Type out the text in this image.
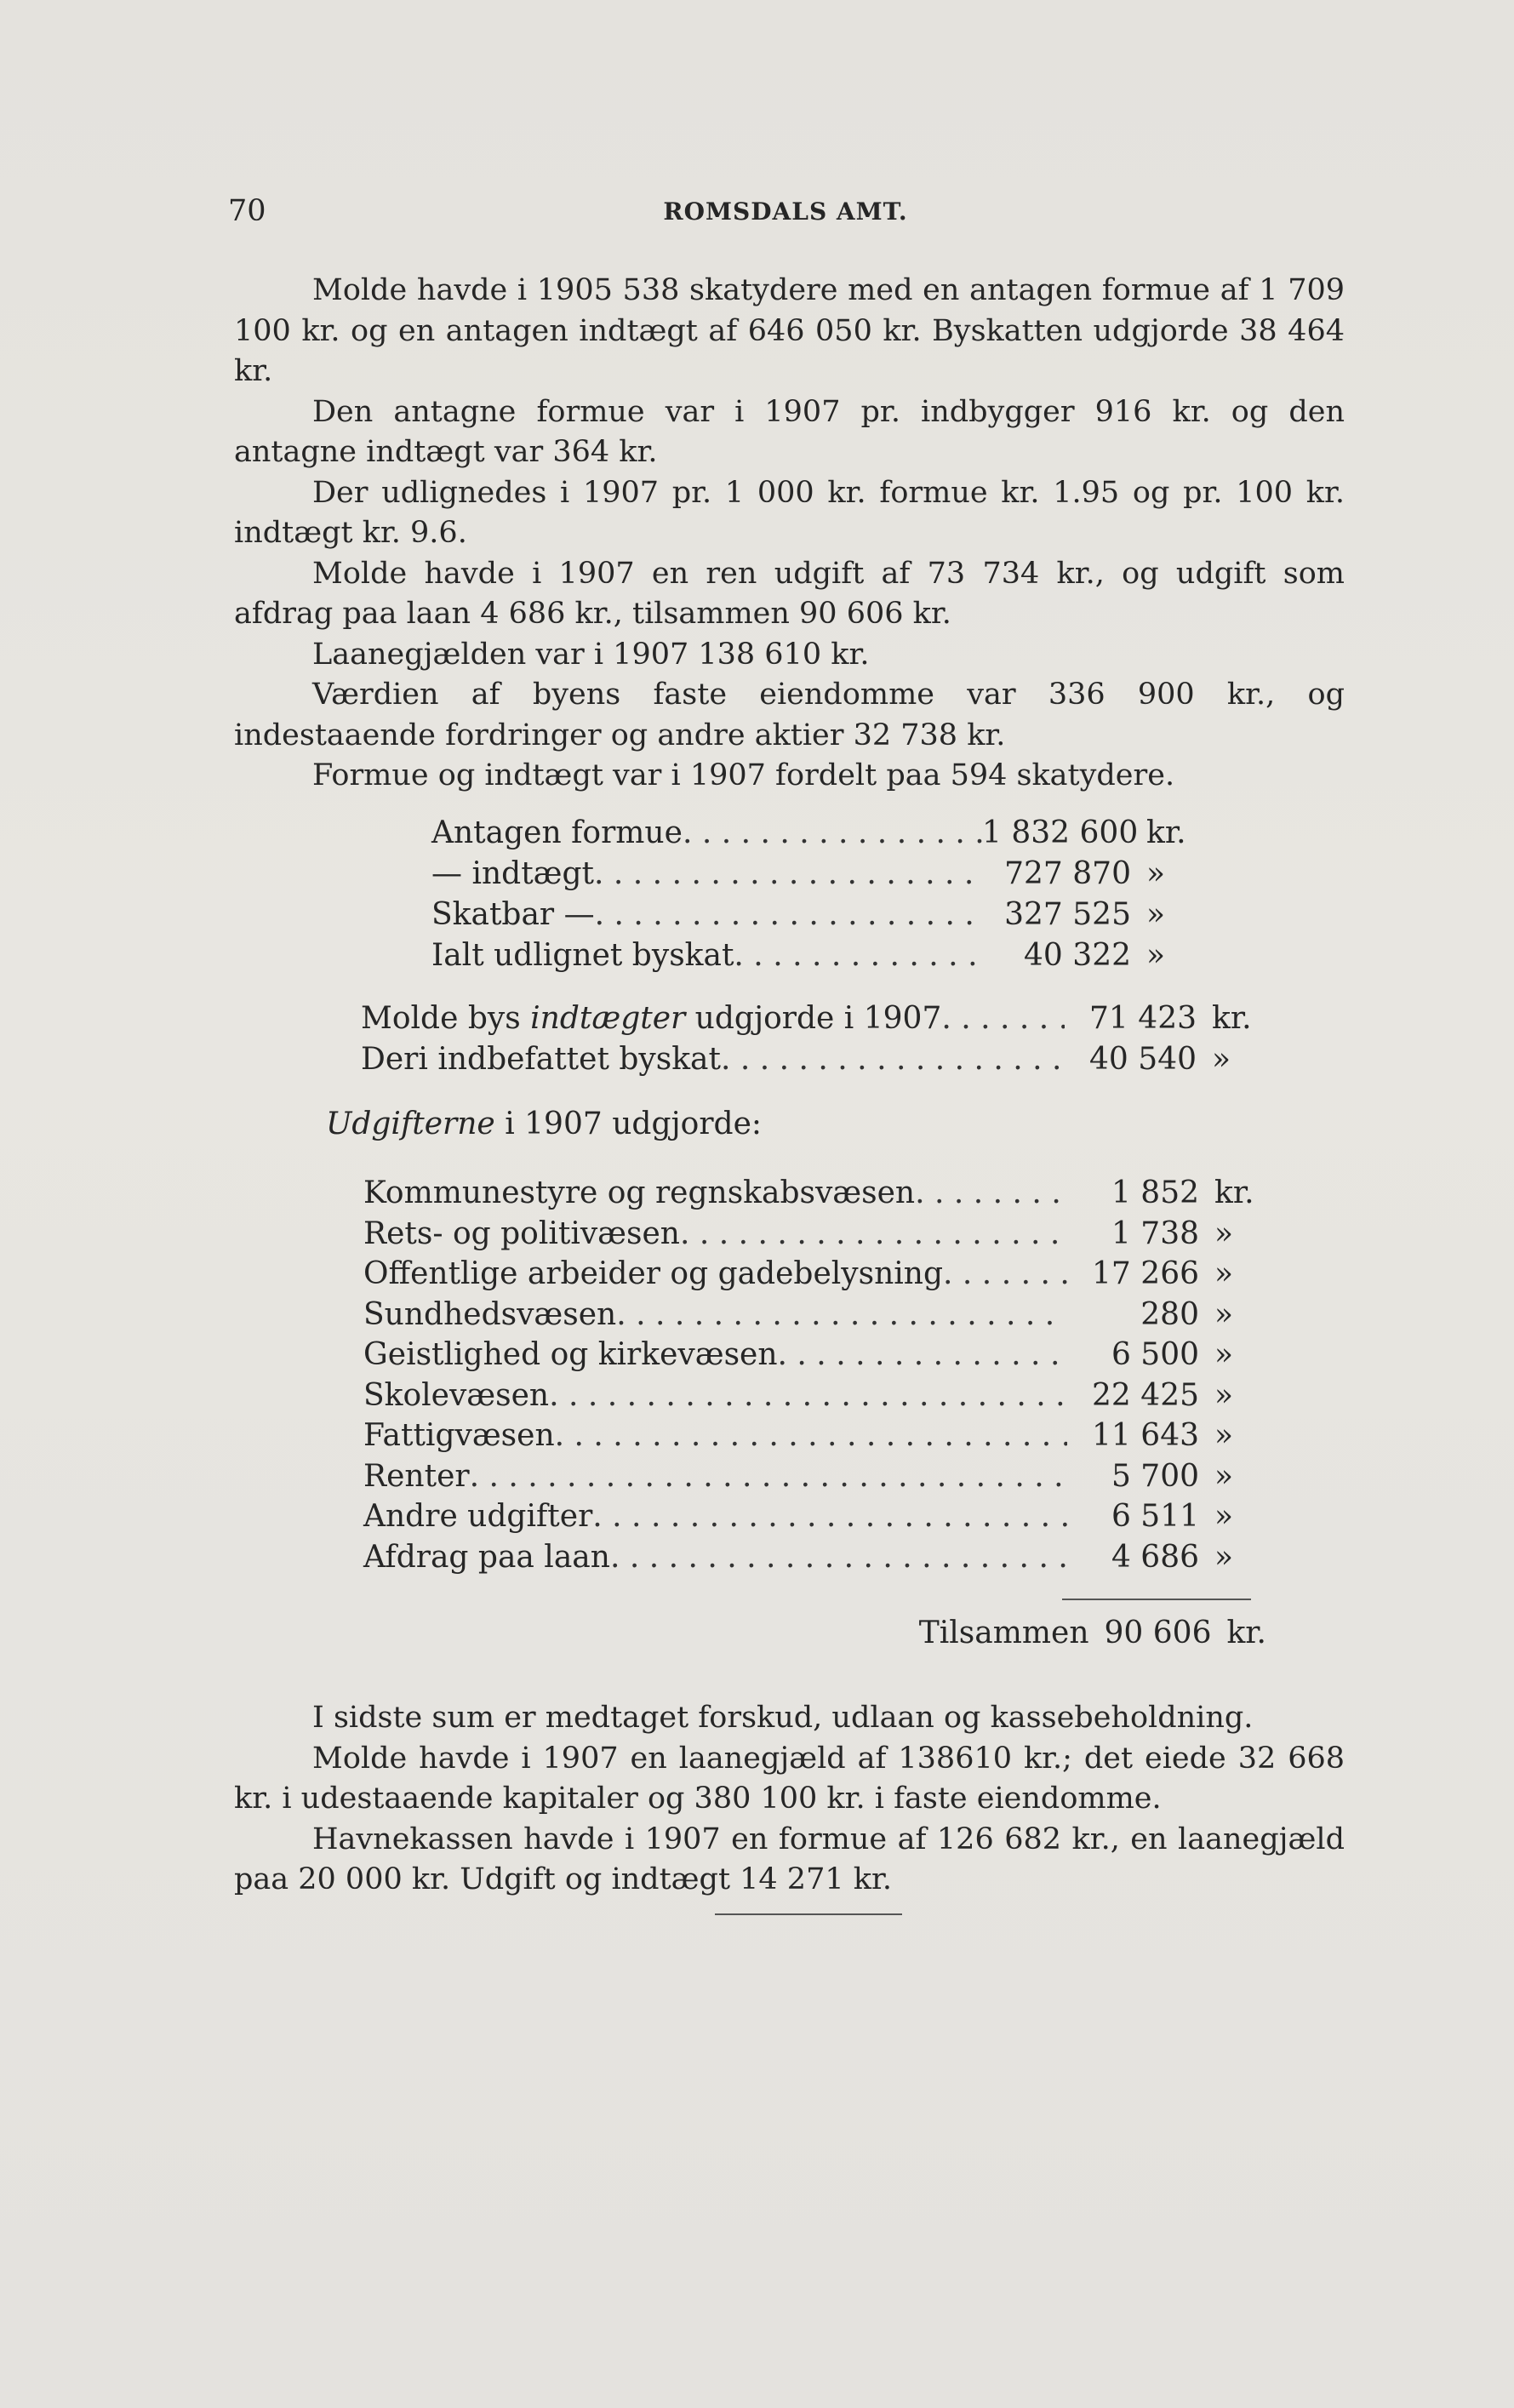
70	ROMSDALS AMT.

Molde havde i 1905 538 skatydere med en antagen formue af 1 709 100 kr. og en antagen indtægt af 646 050 kr. Byskatten udgjorde 38 464 kr.

Den antagne formue var i 1907 pr. indbygger 916 kr. og den antagne indtægt var 364 kr.

Der udlignedes i 1907 pr. 1 000 kr. formue kr. 1.95 og pr. 100 kr. indtægt kr. 9.6.

Molde havde i 1907 en ren udgift af 73 734 kr., og udgift som afdrag paa laan 4 686 kr., tilsammen 90 606 kr.

Laanegjælden var i 1907 138 610 kr.

Værdien af byens faste eiendomme var 336 900 kr., og indestaaende fordringer og andre aktier 32 738 kr.

Formue og indtægt var i 1907 fordelt paa 594 skatydere.

Antagen formue . . .	1 832 600 kr.
— indtægt . . .	727 870 »
Skatbar — . . .	327 525 »
Ialt udlignet byskat . . .	40 322 »
Molde bys indtægter udgjorde i 1907 . . .	71 423 kr.
Deri indbefattet byskat . . .	40 540 »
Udgifterne i 1907 udgjorde:
Kommunestyre og regnskabsvæsen . . .	1 852 kr.
Rets- og politivæsen . . .	1 738 »
Offentlige arbeider og gadebelysning . . .	17 266 »
Sundhedsvæsen . . .	280 »
Geistlighed og kirkevæsen . . .	6 500 »
Skolevæsen . . .	22 425 »
Fattigvæsen . . .	11 643 »
Renter . . .	5 700 »
Andre udgifter . . .	6 511 »
Afdrag paa laan . . .	4 686 »
Tilsammen 90 606 kr.

I sidste sum er medtaget forskud, udlaan og kassebeholdning.

Molde havde i 1907 en laanegjæld af 138610 kr.; det eiede 32 668 kr. i udestaaende kapitaler og 380 100 kr. i faste eiendomme.

Havnekassen havde i 1907 en formue af 126 682 kr., en laanegjæld paa 20 000 kr. Udgift og indtægt 14 271 kr.
